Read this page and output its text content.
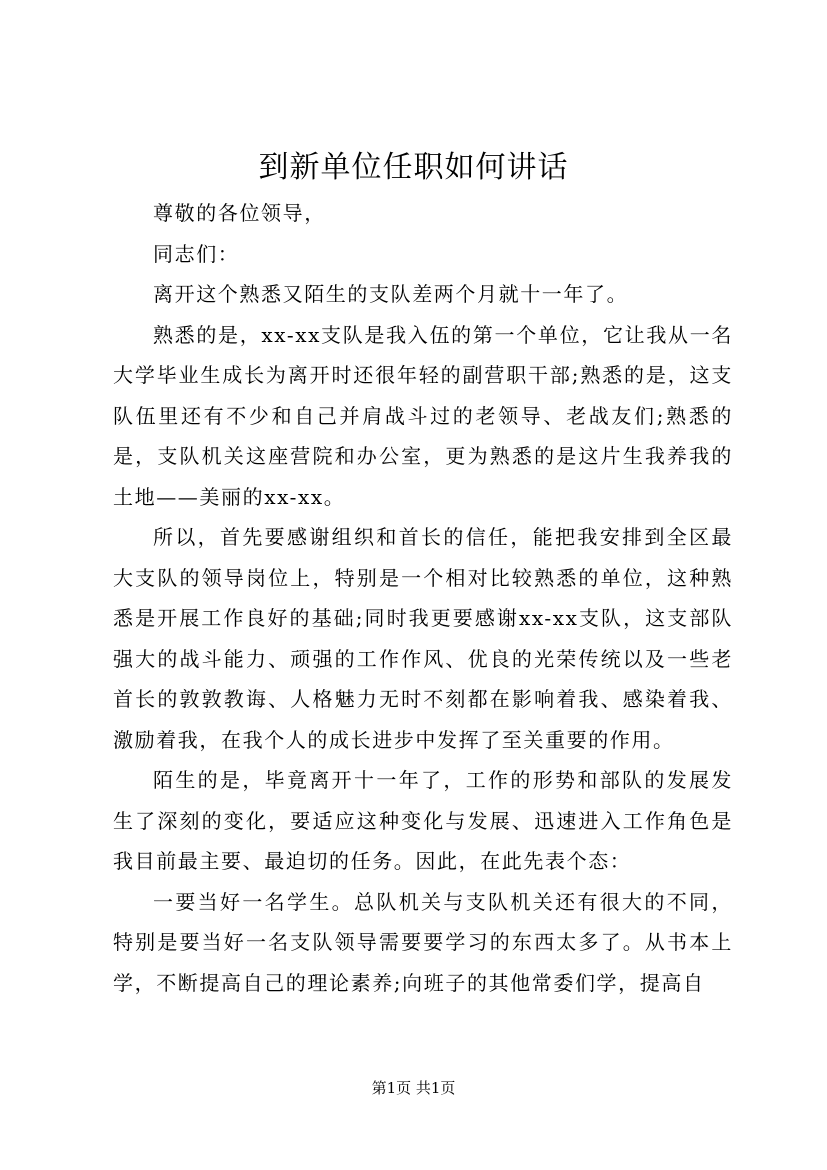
到新单位任职如何讲话

尊敬的各位领导，

同志们：

离开这个熟悉又陌生的支队差两个月就十一年了。

熟悉的是，xx-xx支队是我入伍的第一个单位，它让我从一名大学毕业生成长为离开时还很年轻的副营职干部;熟悉的是，这支队伍里还有不少和自己并肩战斗过的老领导、老战友们;熟悉的是，支队机关这座营院和办公室，更为熟悉的是这片生我养我的土地——美丽的xx-xx。

所以，首先要感谢组织和首长的信任，能把我安排到全区最大支队的领导岗位上，特别是一个相对比较熟悉的单位，这种熟悉是开展工作良好的基础;同时我更要感谢xx-xx支队，这支部队强大的战斗能力、顽强的工作作风、优良的光荣传统以及一些老首长的敦敦教诲、人格魅力无时不刻都在影响着我、感染着我、激励着我，在我个人的成长进步中发挥了至关重要的作用。

陌生的是，毕竟离开十一年了，工作的形势和部队的发展发生了深刻的变化，要适应这种变化与发展、迅速进入工作角色是我目前最主要、最迫切的任务。因此，在此先表个态：

一要当好一名学生。总队机关与支队机关还有很大的不同，特别是要当好一名支队领导需要要学习的东西太多了。从书本上学，不断提高自己的理论素养;向班子的其他常委们学，提高自

第1页 共1页
